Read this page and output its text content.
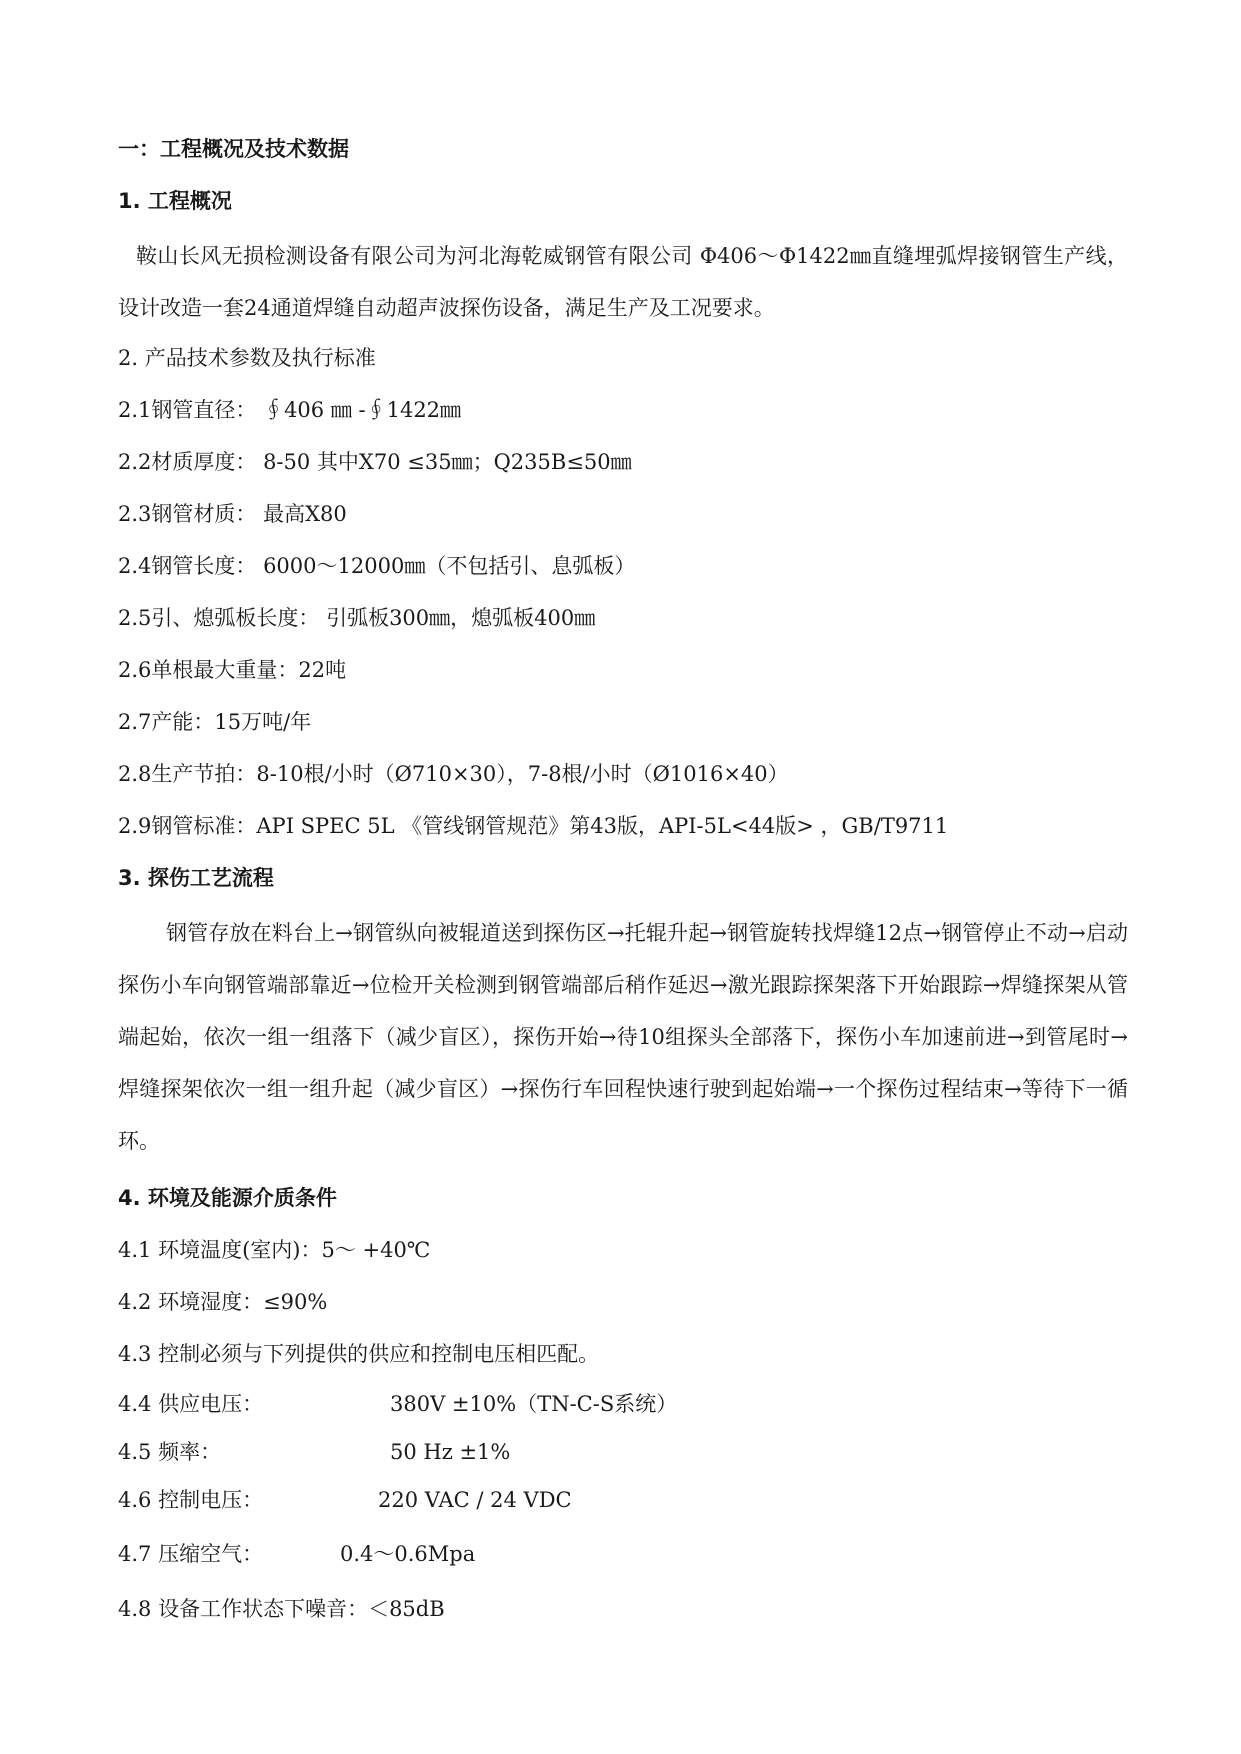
一：工程概况及技术数据
1. 工程概况
鞍山长风无损检测设备有限公司为河北海乾威钢管有限公司 Φ406～Φ1422㎜直缝埋弧焊接钢管生产线，设计改造一套24通道焊缝自动超声波探伤设备，满足生产及工况要求。
2. 产品技术参数及执行标准
2.1钢管直径： ∮406 ㎜ -∮1422㎜
2.2材质厚度： 8-50 其中X70 ≤35㎜；Q235B≤50㎜
2.3钢管材质： 最高X80
2.4钢管长度： 6000～12000㎜（不包括引、息弧板）
2.5引、熄弧板长度： 引弧板300㎜，熄弧板400㎜
2.6单根最大重量：22吨
2.7产能：15万吨/年
2.8生产节拍：8-10根/小时（Ø710×30），7-8根/小时（Ø1016×40）
2.9钢管标准：API SPEC 5L 《管线钢管规范》第43版，API-5L<44版> ，GB/T9711
3. 探伤工艺流程
钢管存放在料台上→钢管纵向被辊道送到探伤区→托辊升起→钢管旋转找焊缝12点→钢管停止不动→启动探伤小车向钢管端部靠近→位检开关检测到钢管端部后稍作延迟→激光跟踪探架落下开始跟踪→焊缝探架从管端起始，依次一组一组落下（减少盲区），探伤开始→待10组探头全部落下，探伤小车加速前进→到管尾时→焊缝探架依次一组一组升起（减少盲区）→探伤行车回程快速行驶到起始端→一个探伤过程结束→等待下一循环。
4. 环境及能源介质条件
4.1 环境温度(室内)：5～ +40℃
4.2 环境湿度：≤90%
4.3 控制必须与下列提供的供应和控制电压相匹配。
4.4 供应电压：	380V ±10%（TN-C-S系统）
4.5 频率：	50 Hz ±1%
4.6 控制电压：	220 VAC / 24 VDC
4.7 压缩空气：	0.4～0.6Mpa
4.8 设备工作状态下噪音：＜85dB
